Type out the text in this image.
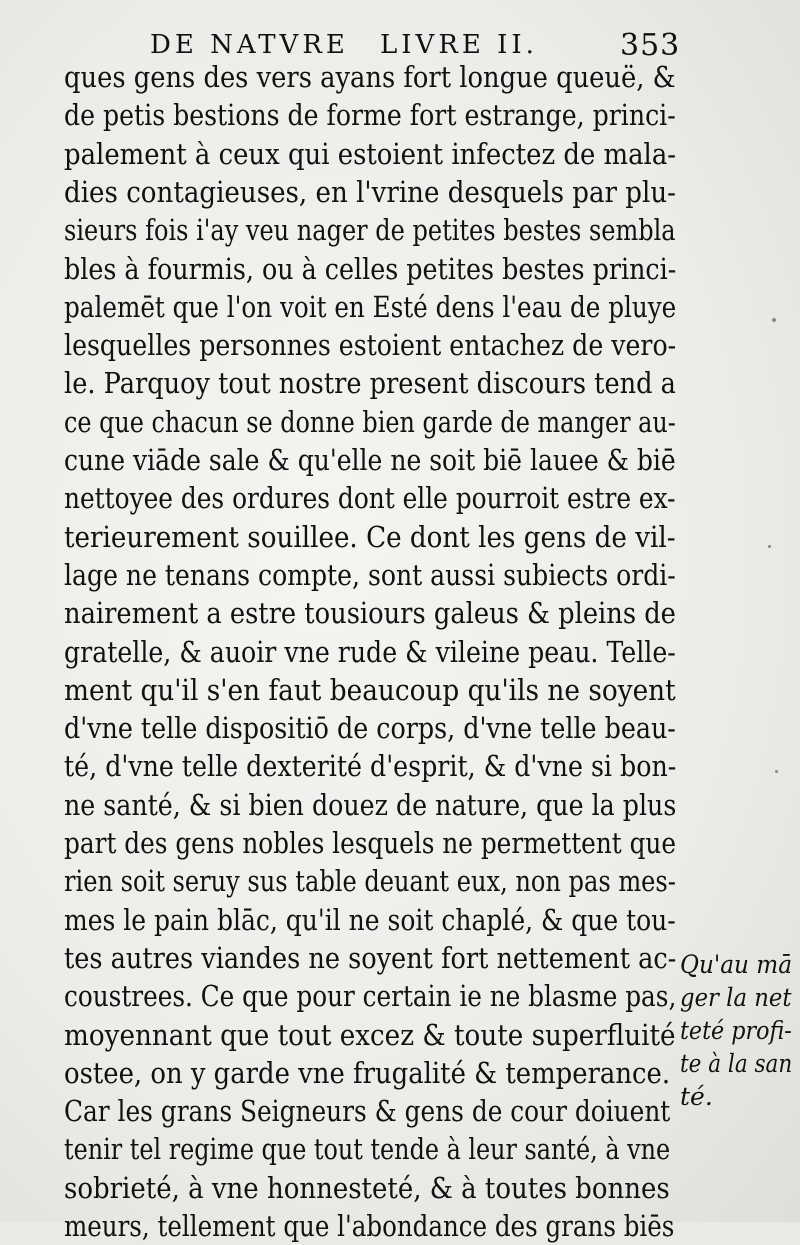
DE NATVRE LIVRE II.	353
ques gens des vers ayans fort longue queuë, &
de petis bestions de forme fort estrange, princi-
palement à ceux qui estoient infectez de mala-
dies contagieuses, en l'vrine desquels par plu-
sieurs fois i'ay veu nager de petites bestes sembla
bles à fourmis, ou à celles petites bestes princi-
palemēt que l'on voit en Esté dens l'eau de pluye
lesquelles personnes estoient entachez de vero-
le. Parquoy tout nostre present discours tend a
ce que chacun se donne bien garde de manger au-
cune viāde sale & qu'elle ne soit biē lauee & biē
nettoyee des ordures dont elle pourroit estre ex-
terieurement souillee. Ce dont les gens de vil-
lage ne tenans compte, sont aussi subiects ordi-
nairement a estre tousiours galeus & pleins de
gratelle, & auoir vne rude & vileine peau. Telle-
ment qu'il s'en faut beaucoup qu'ils ne soyent
d'vne telle dispositiō de corps, d'vne telle beau-
té, d'vne telle dexterité d'esprit, & d'vne si bon-
ne santé, & si bien douez de nature, que la plus
part des gens nobles lesquels ne permettent que
rien soit seruy sus table deuant eux, non pas mes-
mes le pain blāc, qu'il ne soit chaplé, & que tou-
tes autres viandes ne soyent fort nettement ac-
coustrees. Ce que pour certain ie ne blasme pas,
moyennant que tout excez & toute superfluité
ostee, on y garde vne frugalité & temperance.
Car les grans Seigneurs & gens de cour doiuent
tenir tel regime que tout tende à leur santé, à vne
sobrieté, à vne honnesteté, & à toutes bonnes
meurs, tellement que l'abondance des grans biēs
Qu'au mā
ger la net
teté profi-
te à la san
té.
